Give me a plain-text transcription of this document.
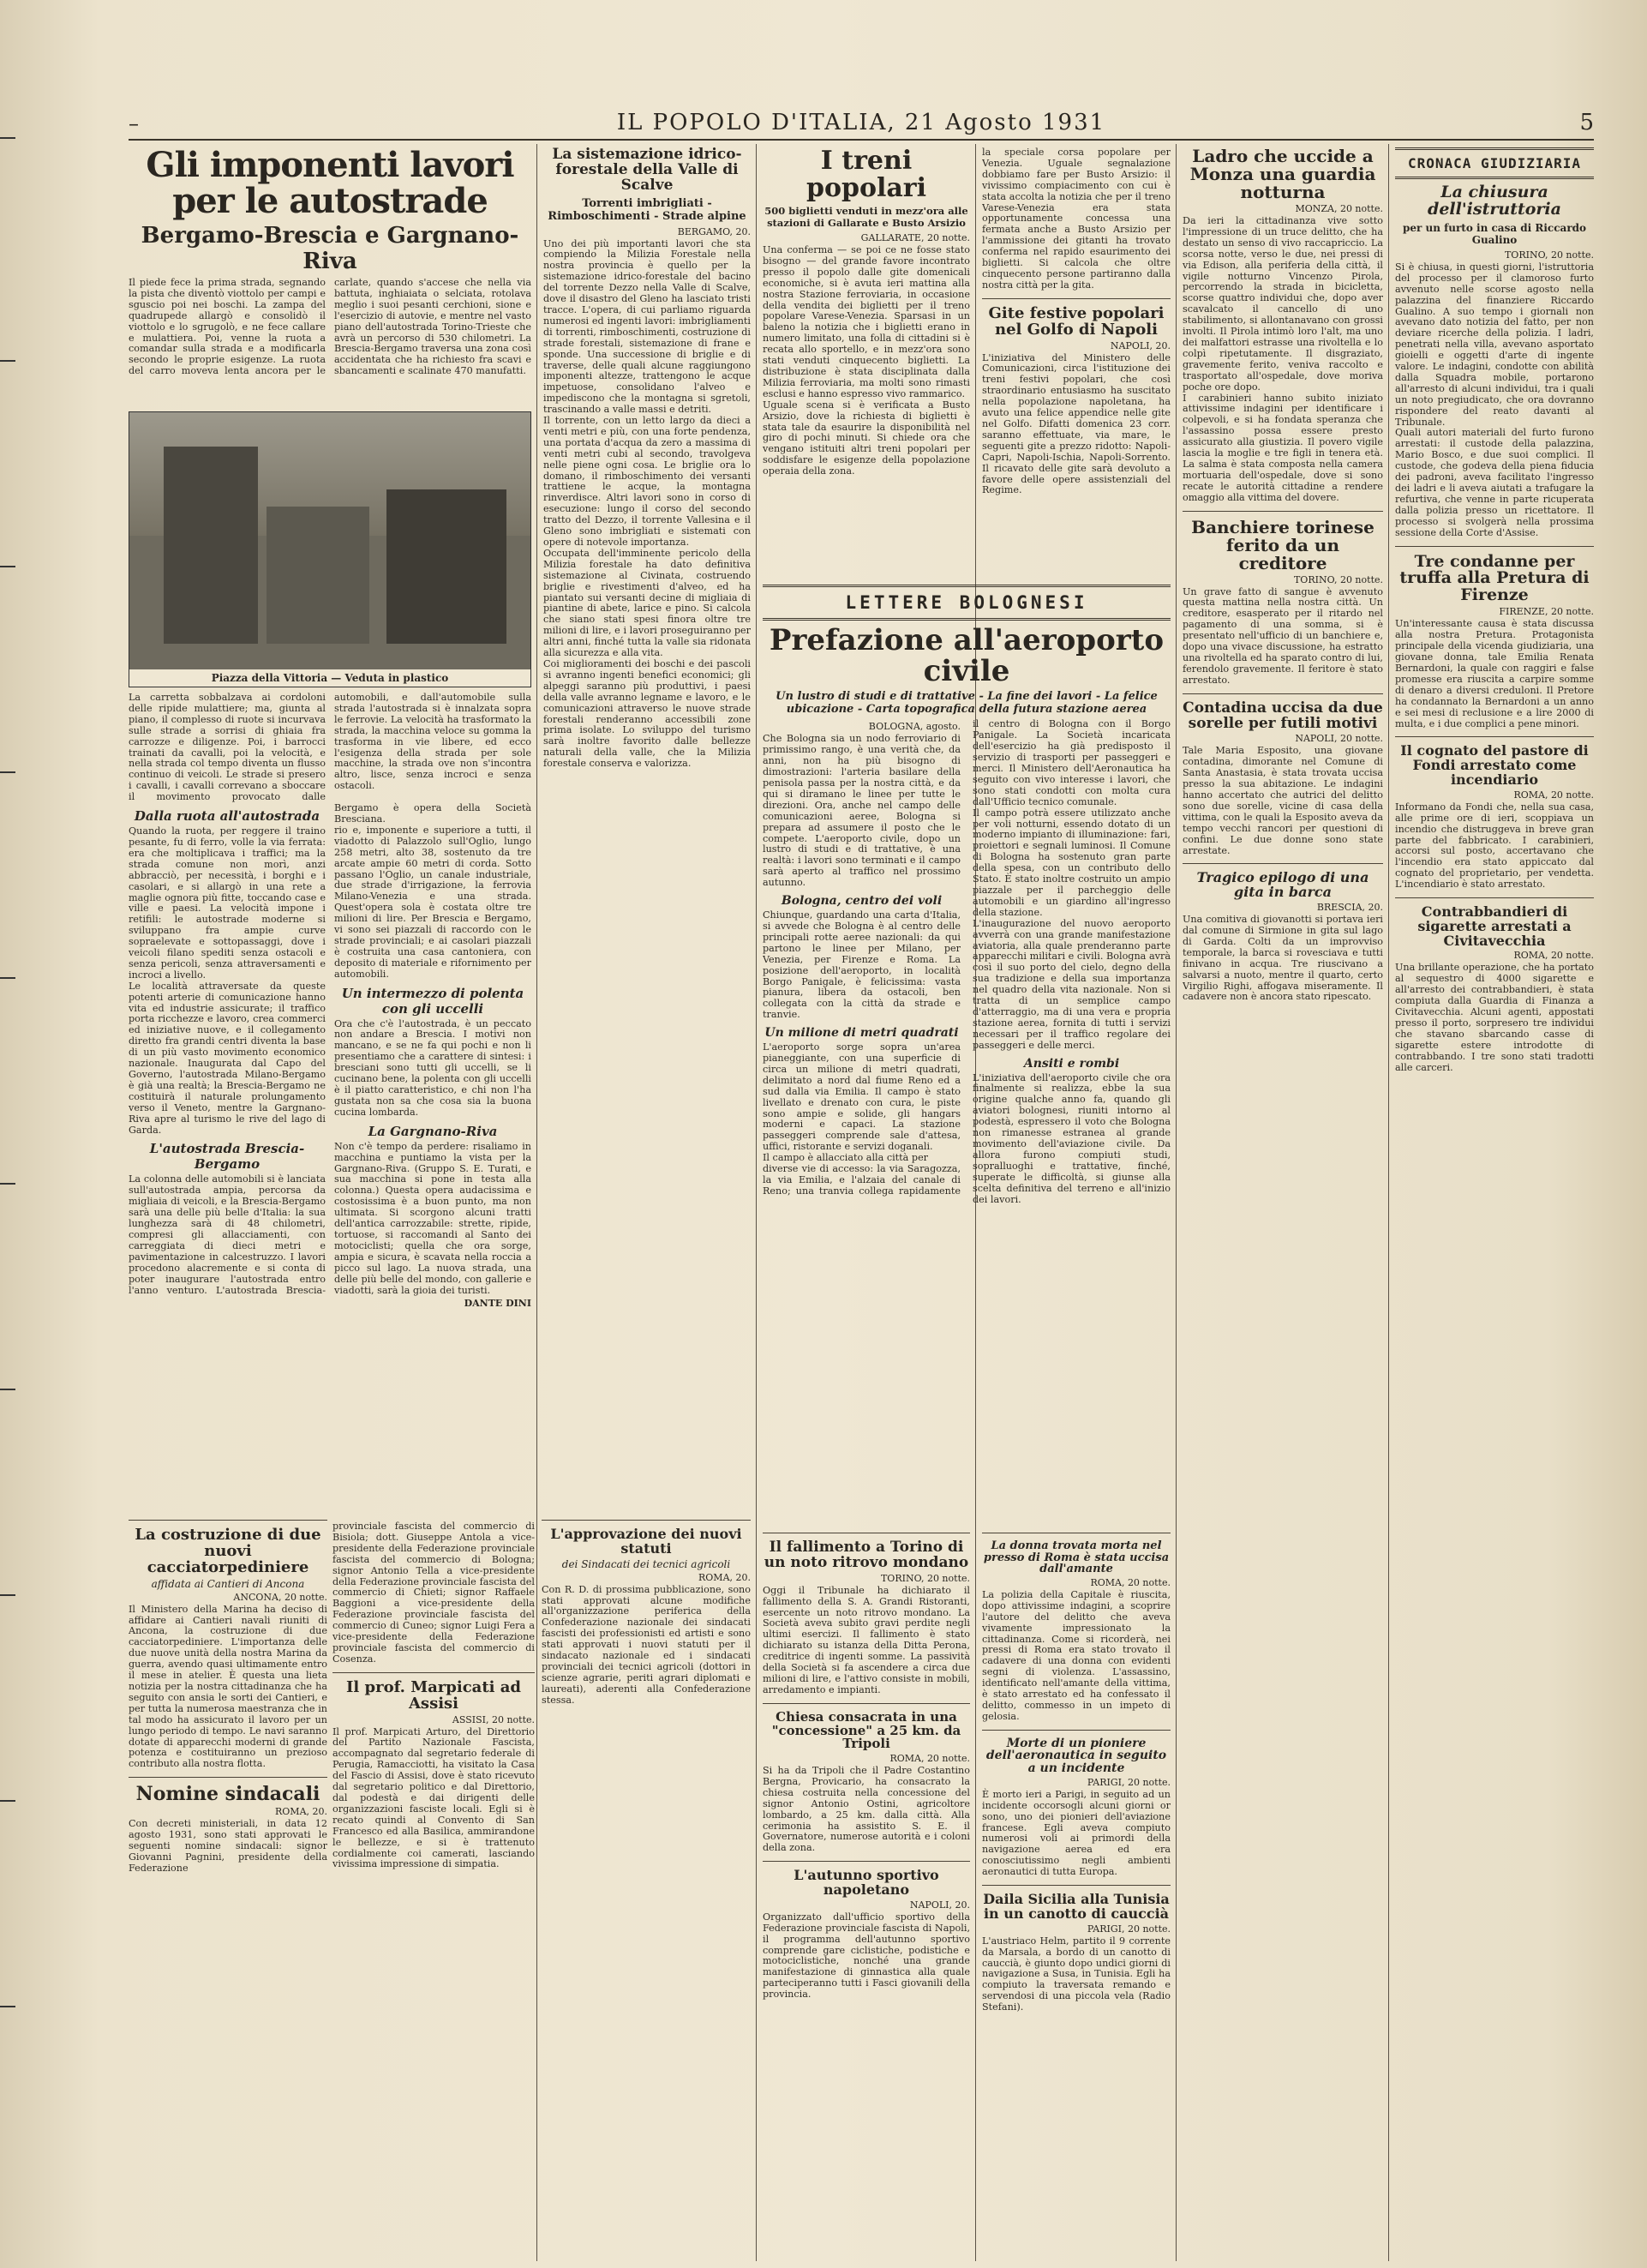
–	IL POPOLO D'ITALIA, 21 Agosto 1931	5
Gli imponenti lavori per le autostrade
Bergamo-Brescia e Gargnano-Riva

Il piede fece la prima strada, segnando la pista che diventò viottolo per campi e sguscio poi nei boschi. La zampa del quadrupede allargò e consolidò il viottolo e lo sgrugolò, e ne fece callare e mulattiera. Poi, venne la ruota a comandar sulla strada e a modificarla secondo le proprie esigenze. La ruota del carro moveva lenta ancora per le carlate, quando s'accese che nella via battuta, inghiaiata o selciata, rotolava meglio i suoi pesanti cerchioni, sione e l'esercizio di autovie, e mentre nel vasto piano dell'autostrada Torino-Trieste che avrà un percorso di 530 chilometri. La Brescia-Bergamo traversa una zona così accidentata che ha richiesto fra scavi e sbancamenti e scalinate 470 manufatti.

Piazza della Vittoria — Veduta in plastico

La carretta sobbalzava ai cordoloni delle ripide mulattiere; ma, giunta al piano, il complesso di ruote si incurvava sulle strade a sorrisi di ghiaia fra carrozze e diligenze. Poi, i barrocci trainati da cavalli, poi la velocità, e nella strada col tempo diventa un flusso continuo di veicoli. Le strade si presero i cavalli, i cavalli correvano a sboccare il movimento provocato dalle automobili, e dall'automobile sulla strada l'autostrada si è innalzata sopra le ferrovie. La velocità ha trasformato la strada, la macchina veloce su gomma la trasforma in vie libere, ed ecco l'esigenza della strada per sole macchine, la strada ove non s'incontra altro, lisce, senza incroci e senza ostacoli.

Dalla ruota all'autostrada

Quando la ruota, per reggere il traino pesante, fu di ferro, volle la via ferrata: era che moltiplicava i traffici; ma la strada comune non morì, anzi abbracciò, per necessità, i borghi e i casolari, e si allargò in una rete a maglie ognora più fitte, toccando case e ville e paesi. La velocità impone i retifili: le autostrade moderne si sviluppano fra ampie curve sopraelevate e sottopassaggi, dove i veicoli filano spediti senza ostacoli e senza pericoli, senza attraversamenti e incroci a livello.

Le località attraversate da queste potenti arterie di comunicazione hanno vita ed industrie assicurate; il traffico porta ricchezze e lavoro, crea commerci ed iniziative nuove, e il collegamento diretto fra grandi centri diventa la base di un più vasto movimento economico nazionale. Inaugurata dal Capo del Governo, l'autostrada Milano-Bergamo è già una realtà; la Brescia-Bergamo ne costituirà il naturale prolungamento verso il Veneto, mentre la Gargnano-Riva apre al turismo le rive del lago di Garda.

L'autostrada Brescia-Bergamo

La colonna delle automobili si è lanciata sull'autostrada ampia, percorsa da migliaia di veicoli, e la Brescia-Bergamo sarà una delle più belle d'Italia: la sua lunghezza sarà di 48 chilometri, compresi gli allacciamenti, con carreggiata di dieci metri e pavimentazione in calcestruzzo. I lavori procedono alacremente e si conta di poter inaugurare l'autostrada entro l'anno venturo. L'autostrada Brescia-Bergamo è opera della Società Bresciana.

rio e, imponente e superiore a tutti, il viadotto di Palazzolo sull'Oglio, lungo 258 metri, alto 38, sostenuto da tre arcate ampie 60 metri di corda. Sotto passano l'Oglio, un canale industriale, due strade d'irrigazione, la ferrovia Milano-Venezia e una strada. Quest'opera sola è costata oltre tre milioni di lire. Per Brescia e Bergamo, vi sono sei piazzali di raccordo con le strade provinciali; e ai casolari piazzali è costruita una casa cantoniera, con deposito di materiale e rifornimento per automobili.

Un intermezzo di polenta con gli uccelli

Ora che c'è l'autostrada, è un peccato non andare a Brescia. I motivi non mancano, e se ne fa qui pochi e non li presentiamo che a carattere di sintesi: i bresciani sono tutti gli uccelli, se li cucinano bene, la polenta con gli uccelli è il piatto caratteristico, e chi non l'ha gustata non sa che cosa sia la buona cucina lombarda.

La Gargnano-Riva

Non c'è tempo da perdere: risaliamo in macchina e puntiamo la vista per la Gargnano-Riva. (Gruppo S. E. Turati, e sua macchina si pone in testa alla colonna.) Questa opera audacissima e costosissima è a buon punto, ma non ultimata. Si scorgono alcuni tratti dell'antica carrozzabile: strette, ripide, tortuose, si raccomandi al Santo dei motociclisti; quella che ora sorge, ampia e sicura, è scavata nella roccia a picco sul lago. La nuova strada, una delle più belle del mondo, con gallerie e viadotti, sarà la gioia dei turisti.

DANTE DINI

La costruzione di due nuovi cacciatorpediniere

affidata ai Cantieri di Ancona

ANCONA, 20 notte.

Il Ministero della Marina ha deciso di affidare ai Cantieri navali riuniti di Ancona, la costruzione di due cacciatorpediniere. L'importanza delle due nuove unità della nostra Marina da guerra, avendo quasi ultimamente entro il mese in atelier. È questa una lieta notizia per la nostra cittadinanza che ha seguito con ansia le sorti dei Cantieri, e per tutta la numerosa maestranza che in tal modo ha assicurato il lavoro per un lungo periodo di tempo. Le navi saranno dotate di apparecchi moderni di grande potenza e costituiranno un prezioso contributo alla nostra flotta.

Nomine sindacali

ROMA, 20.

Con decreti ministeriali, in data 12 agosto 1931, sono stati approvati le seguenti nomine sindacali: signor Giovanni Pagnini, presidente della Federazione

La sistemazione idrico-forestale della Valle di Scalve

Torrenti imbrigliati - Rimboschimenti - Strade alpine

BERGAMO, 20.

Uno dei più importanti lavori che sta compiendo la Milizia Forestale nella nostra provincia è quello per la sistemazione idrico-forestale del bacino del torrente Dezzo nella Valle di Scalve, dove il disastro del Gleno ha lasciato tristi tracce. L'opera, di cui parliamo riguarda numerosi ed ingenti lavori: imbrigliamenti di torrenti, rimboschimenti, costruzione di strade forestali, sistemazione di frane e sponde. Una successione di briglie e di traverse, delle quali alcune raggiungono imponenti altezze, trattengono le acque impetuose, consolidano l'alveo e impediscono che la montagna si sgretoli, trascinando a valle massi e detriti.

Il torrente, con un letto largo da dieci a venti metri e più, con una forte pendenza, una portata d'acqua da zero a massima di venti metri cubi al secondo, travolgeva nelle piene ogni cosa. Le briglie ora lo domano, il rimboschimento dei versanti trattiene le acque, la montagna rinverdisce. Altri lavori sono in corso di esecuzione: lungo il corso del secondo tratto del Dezzo, il torrente Vallesina e il Gleno sono imbrigliati e sistemati con opere di notevole importanza.

Occupata dell'imminente pericolo della Milizia forestale ha dato definitiva sistemazione al Civinata, costruendo briglie e rivestimenti d'alveo, ed ha piantato sui versanti decine di migliaia di piantine di abete, larice e pino. Si calcola che siano stati spesi finora oltre tre milioni di lire, e i lavori proseguiranno per altri anni, finché tutta la valle sia ridonata alla sicurezza e alla vita.

Coi miglioramenti dei boschi e dei pascoli si avranno ingenti benefici economici; gli alpeggi saranno più produttivi, i paesi della valle avranno legname e lavoro, e le comunicazioni attraverso le nuove strade forestali renderanno accessibili zone prima isolate. Lo sviluppo del turismo sarà inoltre favorito dalle bellezze naturali della valle, che la Milizia forestale conserva e valorizza.

L'approvazione dei nuovi statuti

dei Sindacati dei tecnici agricoli

ROMA, 20.

Con R. D. di prossima pubblicazione, sono stati approvati alcune modifiche all'organizzazione periferica della Confederazione nazionale dei sindacati fascisti dei professionisti ed artisti e sono stati approvati i nuovi statuti per il sindacato nazionale ed i sindacati provinciali dei tecnici agricoli (dottori in scienze agrarie, periti agrari diplomati e laureati), aderenti alla Confederazione stessa.

provinciale fascista del commercio di Bisiola; dott. Giuseppe Antola a vice-presidente della Federazione provinciale fascista del commercio di Bologna; signor Antonio Tella a vice-presidente della Federazione provinciale fascista del commercio di Chieti; signor Raffaele Baggioni a vice-presidente della Federazione provinciale fascista del commercio di Cuneo; signor Luigi Fera a vice-presidente della Federazione provinciale fascista del commercio di Cosenza.

Il prof. Marpicati ad Assisi

ASSISI, 20 notte.

Il prof. Marpicati Arturo, del Direttorio del Partito Nazionale Fascista, accompagnato dal segretario federale di Perugia, Ramacciotti, ha visitato la Casa del Fascio di Assisi, dove è stato ricevuto dal segretario politico e dal Direttorio, dal podestà e dai dirigenti delle organizzazioni fasciste locali. Egli si è recato quindi al Convento di San Francesco ed alla Basilica, ammirandone le bellezze, e si è trattenuto cordialmente coi camerati, lasciando vivissima impressione di simpatia.

I treni popolari

500 biglietti venduti in mezz'ora alle stazioni di Gallarate e Busto Arsizio

GALLARATE, 20 notte.

Una conferma — se poi ce ne fosse stato bisogno — del grande favore incontrato presso il popolo dalle gite domenicali economiche, si è avuta ieri mattina alla nostra Stazione ferroviaria, in occasione della vendita dei biglietti per il treno popolare Varese-Venezia. Sparsasi in un baleno la notizia che i biglietti erano in numero limitato, una folla di cittadini si è recata allo sportello, e in mezz'ora sono stati venduti cinquecento biglietti. La distribuzione è stata disciplinata dalla Milizia ferroviaria, ma molti sono rimasti esclusi e hanno espresso vivo rammarico.

Uguale scena si è verificata a Busto Arsizio, dove la richiesta di biglietti è stata tale da esaurire la disponibilità nel giro di pochi minuti. Si chiede ora che vengano istituiti altri treni popolari per soddisfare le esigenze della popolazione operaia della zona.

LETTERE BOLOGNESI
Prefazione all'aeroporto civile

Un lustro di studi e di trattative - La fine dei lavori - La felice ubicazione - Carta topografica della futura stazione aerea

BOLOGNA, agosto.

Che Bologna sia un nodo ferroviario di primissimo rango, è una verità che, da anni, non ha più bisogno di dimostrazioni: l'arteria basilare della penisola passa per la nostra città, e da qui si diramano le linee per tutte le direzioni. Ora, anche nel campo delle comunicazioni aeree, Bologna si prepara ad assumere il posto che le compete. L'aeroporto civile, dopo un lustro di studi e di trattative, è una realtà: i lavori sono terminati e il campo sarà aperto al traffico nel prossimo autunno.

Bologna, centro dei voli

Chiunque, guardando una carta d'Italia, si avvede che Bologna è al centro delle principali rotte aeree nazionali: da qui partono le linee per Milano, per Venezia, per Firenze e Roma. La posizione dell'aeroporto, in località Borgo Panigale, è felicissima: vasta pianura, libera da ostacoli, ben collegata con la città da strade e tranvie.

Un milione di metri quadrati

L'aeroporto sorge sopra un'area pianeggiante, con una superficie di circa un milione di metri quadrati, delimitato a nord dal fiume Reno ed a sud dalla via Emilia. Il campo è stato livellato e drenato con cura, le piste sono ampie e solide, gli hangars moderni e capaci. La stazione passeggeri comprende sale d'attesa, uffici, ristorante e servizi doganali.

Il campo è allacciato alla città per

diverse vie di accesso: la via Saragozza, la via Emilia, e l'alzaia del canale di Reno; una tranvia collega rapidamente il centro di Bologna con il Borgo Panigale. La Società incaricata dell'esercizio ha già predisposto il servizio di trasporti per passeggeri e merci. Il Ministero dell'Aeronautica ha seguito con vivo interesse i lavori, che sono stati condotti con molta cura dall'Ufficio tecnico comunale.

Il campo potrà essere utilizzato anche per voli notturni, essendo dotato di un moderno impianto di illuminazione: fari, proiettori e segnali luminosi. Il Comune di Bologna ha sostenuto gran parte della spesa, con un contributo dello Stato. È stato inoltre costruito un ampio piazzale per il parcheggio delle automobili e un giardino all'ingresso della stazione.

L'inaugurazione del nuovo aeroporto avverrà con una grande manifestazione aviatoria, alla quale prenderanno parte apparecchi militari e civili. Bologna avrà così il suo porto del cielo, degno della sua tradizione e della sua importanza nel quadro della vita nazionale. Non si tratta di un semplice campo d'atterraggio, ma di una vera e propria stazione aerea, fornita di tutti i servizi necessari per il traffico regolare dei passeggeri e delle merci.

Ansiti e rombi

L'iniziativa dell'aeroporto civile che ora finalmente si realizza, ebbe la sua origine qualche anno fa, quando gli aviatori bolognesi, riuniti intorno al podestà, espressero il voto che Bologna non rimanesse estranea al grande movimento dell'aviazione civile. Da allora furono compiuti studi, sopralluoghi e trattative, finché, superate le difficoltà, si giunse alla scelta definitiva del terreno e all'inizio dei lavori.

Il fallimento a Torino di un noto ritrovo mondano

TORINO, 20 notte.

Oggi il Tribunale ha dichiarato il fallimento della S. A. Grandi Ristoranti, esercente un noto ritrovo mondano. La Società aveva subito gravi perdite negli ultimi esercizi. Il fallimento è stato dichiarato su istanza della Ditta Perona, creditrice di ingenti somme. La passività della Società si fa ascendere a circa due milioni di lire, e l'attivo consiste in mobili, arredamento e impianti.

Chiesa consacrata in una "concessione" a 25 km. da Tripoli

ROMA, 20 notte.

Si ha da Tripoli che il Padre Costantino Bergna, Provicario, ha consacrato la chiesa costruita nella concessione del signor Antonio Ostini, agricoltore lombardo, a 25 km. dalla città. Alla cerimonia ha assistito S. E. il Governatore, numerose autorità e i coloni della zona.

L'autunno sportivo napoletano

NAPOLI, 20.

Organizzato dall'ufficio sportivo della Federazione provinciale fascista di Napoli, il programma dell'autunno sportivo comprende gare ciclistiche, podistiche e motociclistiche, nonché una grande manifestazione di ginnastica alla quale parteciperanno tutti i Fasci giovanili della provincia.

la speciale corsa popolare per Venezia. Uguale segnalazione dobbiamo fare per Busto Arsizio: il vivissimo compiacimento con cui è stata accolta la notizia che per il treno Varese-Venezia era stata opportunamente concessa una fermata anche a Busto Arsizio per l'ammissione dei gitanti ha trovato conferma nel rapido esaurimento dei biglietti. Si calcola che oltre cinquecento persone partiranno dalla nostra città per la gita.

Gite festive popolari nel Golfo di Napoli

NAPOLI, 20.

L'iniziativa del Ministero delle Comunicazioni, circa l'istituzione dei treni festivi popolari, che così straordinario entusiasmo ha suscitato nella popolazione napoletana, ha avuto una felice appendice nelle gite nel Golfo. Difatti domenica 23 corr. saranno effettuate, via mare, le seguenti gite a prezzo ridotto: Napoli-Capri, Napoli-Ischia, Napoli-Sorrento. Il ricavato delle gite sarà devoluto a favore delle opere assistenziali del Regime.

La donna trovata morta nel presso di Roma è stata uccisa dall'amante

ROMA, 20 notte.

La polizia della Capitale è riuscita, dopo attivissime indagini, a scoprire l'autore del delitto che aveva vivamente impressionato la cittadinanza. Come si ricorderà, nei pressi di Roma era stato trovato il cadavere di una donna con evidenti segni di violenza. L'assassino, identificato nell'amante della vittima, è stato arrestato ed ha confessato il delitto, commesso in un impeto di gelosia.

Morte di un pioniere dell'aeronautica in seguito a un incidente

PARIGI, 20 notte.

È morto ieri a Parigi, in seguito ad un incidente occorsogli alcuni giorni or sono, uno dei pionieri dell'aviazione francese. Egli aveva compiuto numerosi voli ai primordi della navigazione aerea ed era conosciutissimo negli ambienti aeronautici di tutta Europa.

Daila Sicilia alla Tunisia in un canotto di cauccià

PARIGI, 20 notte.

L'austriaco Helm, partito il 9 corrente da Marsala, a bordo di un canotto di cauccià, è giunto dopo undici giorni di navigazione a Susa, in Tunisia. Egli ha compiuto la traversata remando e servendosi di una piccola vela (Radio Stefani).

Ladro che uccide a Monza una guardia notturna

MONZA, 20 notte.

Da ieri la cittadinanza vive sotto l'impressione di un truce delitto, che ha destato un senso di vivo raccapriccio. La scorsa notte, verso le due, nei pressi di via Edison, alla periferia della città, il vigile notturno Vincenzo Pirola, percorrendo la strada in bicicletta, scorse quattro individui che, dopo aver scavalcato il cancello di uno stabilimento, si allontanavano con grossi involti. Il Pirola intimò loro l'alt, ma uno dei malfattori estrasse una rivoltella e lo colpì ripetutamente. Il disgraziato, gravemente ferito, veniva raccolto e trasportato all'ospedale, dove moriva poche ore dopo.

I carabinieri hanno subito iniziato attivissime indagini per identificare i colpevoli, e si ha fondata speranza che l'assassino possa essere presto assicurato alla giustizia. Il povero vigile lascia la moglie e tre figli in tenera età. La salma è stata composta nella camera mortuaria dell'ospedale, dove si sono recate le autorità cittadine a rendere omaggio alla vittima del dovere.

Banchiere torinese ferito da un creditore

TORINO, 20 notte.

Un grave fatto di sangue è avvenuto questa mattina nella nostra città. Un creditore, esasperato per il ritardo nel pagamento di una somma, si è presentato nell'ufficio di un banchiere e, dopo una vivace discussione, ha estratto una rivoltella ed ha sparato contro di lui, ferendolo gravemente. Il feritore è stato arrestato.

Contadina uccisa da due sorelle per futili motivi

NAPOLI, 20 notte.

Tale Maria Esposito, una giovane contadina, dimorante nel Comune di Santa Anastasia, è stata trovata uccisa presso la sua abitazione. Le indagini hanno accertato che autrici del delitto sono due sorelle, vicine di casa della vittima, con le quali la Esposito aveva da tempo vecchi rancori per questioni di confini. Le due donne sono state arrestate.

Tragico epilogo di una gita in barca

BRESCIA, 20.

Una comitiva di giovanotti si portava ieri dal comune di Sirmione in gita sul lago di Garda. Colti da un improvviso temporale, la barca si rovesciava e tutti finivano in acqua. Tre riuscivano a salvarsi a nuoto, mentre il quarto, certo Virgilio Righi, affogava miseramente. Il cadavere non è ancora stato ripescato.

CRONACA GIUDIZIARIA
La chiusura dell'istruttoria

per un furto in casa di Riccardo Gualino

TORINO, 20 notte.

Si è chiusa, in questi giorni, l'istruttoria del processo per il clamoroso furto avvenuto nelle scorse agosto nella palazzina del finanziere Riccardo Gualino. A suo tempo i giornali non avevano dato notizia del fatto, per non deviare ricerche della polizia. I ladri, penetrati nella villa, avevano asportato gioielli e oggetti d'arte di ingente valore. Le indagini, condotte con abilità dalla Squadra mobile, portarono all'arresto di alcuni individui, tra i quali un noto pregiudicato, che ora dovranno rispondere del reato davanti al Tribunale.

Quali autori materiali del furto furono arrestati: il custode della palazzina, Mario Bosco, e due suoi complici. Il custode, che godeva della piena fiducia dei padroni, aveva facilitato l'ingresso dei ladri e li aveva aiutati a trafugare la refurtiva, che venne in parte ricuperata dalla polizia presso un ricettatore. Il processo si svolgerà nella prossima sessione della Corte d'Assise.

Tre condanne per truffa alla Pretura di Firenze

FIRENZE, 20 notte.

Un'interessante causa è stata discussa alla nostra Pretura. Protagonista principale della vicenda giudiziaria, una giovane donna, tale Emilia Renata Bernardoni, la quale con raggiri e false promesse era riuscita a carpire somme di denaro a diversi creduloni. Il Pretore ha condannato la Bernardoni a un anno e sei mesi di reclusione e a lire 2000 di multa, e i due complici a pene minori.

Il cognato del pastore di Fondi arrestato come incendiario

ROMA, 20 notte.

Informano da Fondi che, nella sua casa, alle prime ore di ieri, scoppiava un incendio che distruggeva in breve gran parte del fabbricato. I carabinieri, accorsi sul posto, accertavano che l'incendio era stato appiccato dal cognato del proprietario, per vendetta. L'incendiario è stato arrestato.

Contrabbandieri di sigarette arrestati a Civitavecchia

ROMA, 20 notte.

Una brillante operazione, che ha portato al sequestro di 4000 sigarette e all'arresto dei contrabbandieri, è stata compiuta dalla Guardia di Finanza a Civitavecchia. Alcuni agenti, appostati presso il porto, sorpresero tre individui che stavano sbarcando casse di sigarette estere introdotte di contrabbando. I tre sono stati tradotti alle carceri.
